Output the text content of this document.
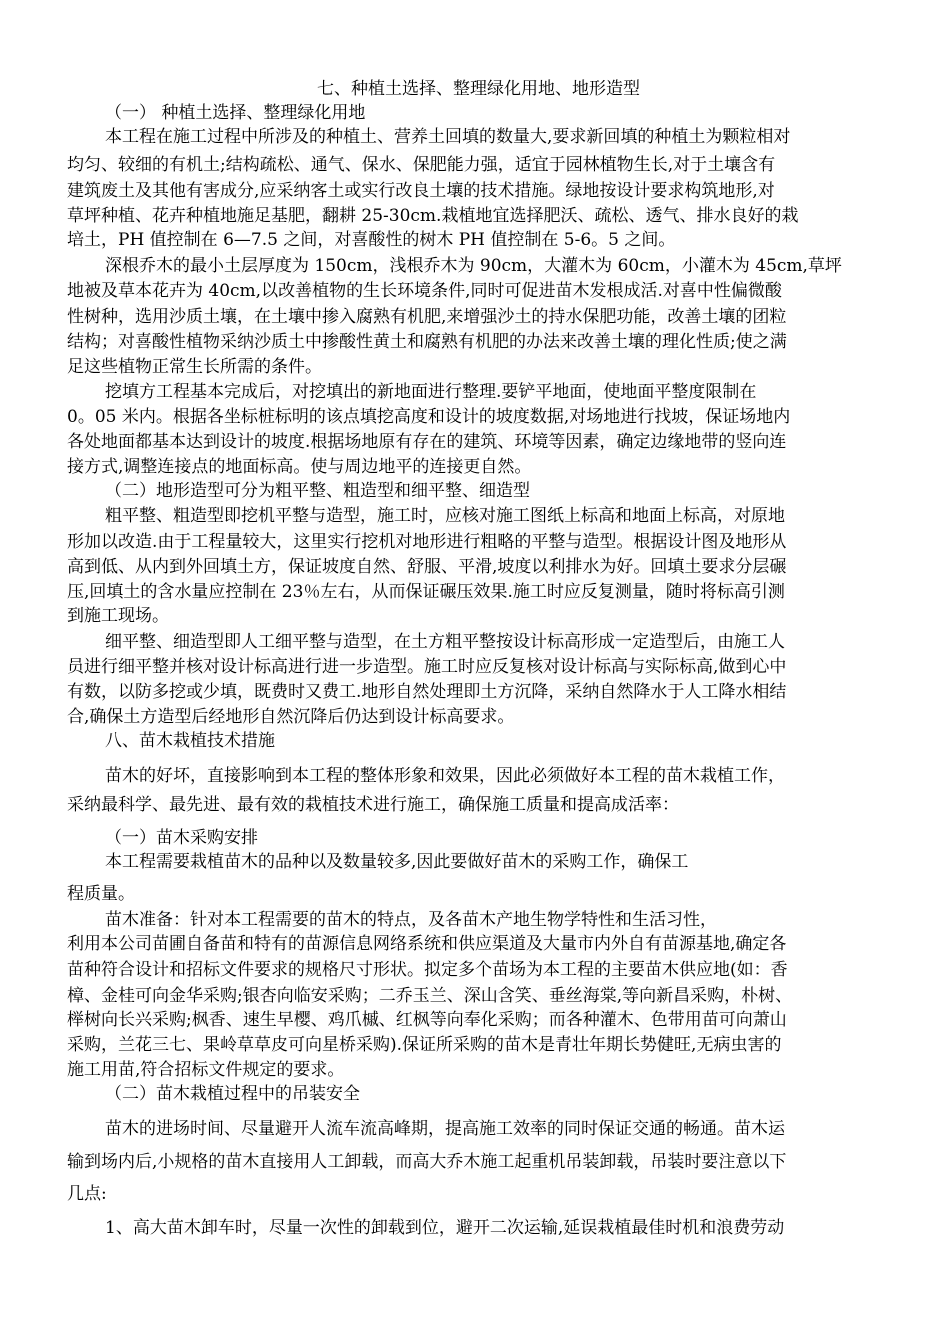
七、种植土选择、整理绿化用地、地形造型
（一） 种植土选择、整理绿化用地
本工程在施工过程中所涉及的种植土、营养土回填的数量大,要求新回填的种植土为颗粒相对
均匀、较细的有机土;结构疏松、通气、保水、保肥能力强，适宜于园林植物生长,对于土壤含有
建筑废土及其他有害成分,应采纳客土或实行改良土壤的技术措施。绿地按设计要求构筑地形,对
草坪种植、花卉种植地施足基肥，翻耕 25-30cm.栽植地宜选择肥沃、疏松、透气、排水良好的栽
培土，PH 值控制在 6—7.5 之间，对喜酸性的树木 PH 值控制在 5-6。5 之间。
深根乔木的最小土层厚度为 150cm，浅根乔木为 90cm，大灌木为 60cm，小灌木为 45cm,草坪
地被及草本花卉为 40cm,以改善植物的生长环境条件,同时可促进苗木发根成活.对喜中性偏微酸
性树种，选用沙质土壤，在土壤中掺入腐熟有机肥,来增强沙土的持水保肥功能，改善土壤的团粒
结构；对喜酸性植物采纳沙质土中掺酸性黄土和腐熟有机肥的办法来改善土壤的理化性质;使之满
足这些植物正常生长所需的条件。
挖填方工程基本完成后，对挖填出的新地面进行整理.要铲平地面，使地面平整度限制在
0。05 米内。根据各坐标桩标明的该点填挖高度和设计的坡度数据,对场地进行找坡，保证场地内
各处地面都基本达到设计的坡度.根据场地原有存在的建筑、环境等因素，确定边缘地带的竖向连
接方式,调整连接点的地面标高。使与周边地平的连接更自然。
（二）地形造型可分为粗平整、粗造型和细平整、细造型
粗平整、粗造型即挖机平整与造型，施工时，应核对施工图纸上标高和地面上标高，对原地
形加以改造.由于工程量较大，这里实行挖机对地形进行粗略的平整与造型。根据设计图及地形从
高到低、从内到外回填土方，保证坡度自然、舒服、平滑,坡度以利排水为好。回填土要求分层碾
压,回填土的含水量应控制在 23％左右，从而保证碾压效果.施工时应反复测量，随时将标高引测
到施工现场。
细平整、细造型即人工细平整与造型，在土方粗平整按设计标高形成一定造型后，由施工人
员进行细平整并核对设计标高进行进一步造型。施工时应反复核对设计标高与实际标高,做到心中
有数，以防多挖或少填，既费时又费工.地形自然处理即土方沉降，采纳自然降水于人工降水相结
合,确保土方造型后经地形自然沉降后仍达到设计标高要求。
八、苗木栽植技术措施
苗木的好坏，直接影响到本工程的整体形象和效果，因此必须做好本工程的苗木栽植工作，
采纳最科学、最先进、最有效的栽植技术进行施工，确保施工质量和提高成活率：
（一）苗木采购安排
本工程需要栽植苗木的品种以及数量较多,因此要做好苗木的采购工作，确保工
程质量。
苗木准备：针对本工程需要的苗木的特点，及各苗木产地生物学特性和生活习性，
利用本公司苗圃自备苗和特有的苗源信息网络系统和供应渠道及大量市内外自有苗源基地,确定各
苗种符合设计和招标文件要求的规格尺寸形状。拟定多个苗场为本工程的主要苗木供应地(如：香
樟、金桂可向金华采购;银杏向临安采购；二乔玉兰、深山含笑、垂丝海棠,等向新昌采购，朴树、
榉树向长兴采购;枫香、速生早樱、鸡爪槭、红枫等向奉化采购；而各种灌木、色带用苗可向萧山
采购，兰花三七、果岭草草皮可向星桥采购).保证所采购的苗木是青壮年期长势健旺,无病虫害的
施工用苗,符合招标文件规定的要求。
（二）苗木栽植过程中的吊装安全
苗木的进场时间、尽量避开人流车流高峰期，提高施工效率的同时保证交通的畅通。苗木运
输到场内后,小规格的苗木直接用人工卸载，而高大乔木施工起重机吊装卸载，吊装时要注意以下
几点:
1、高大苗木卸车时，尽量一次性的卸载到位，避开二次运输,延误栽植最佳时机和浪费劳动
